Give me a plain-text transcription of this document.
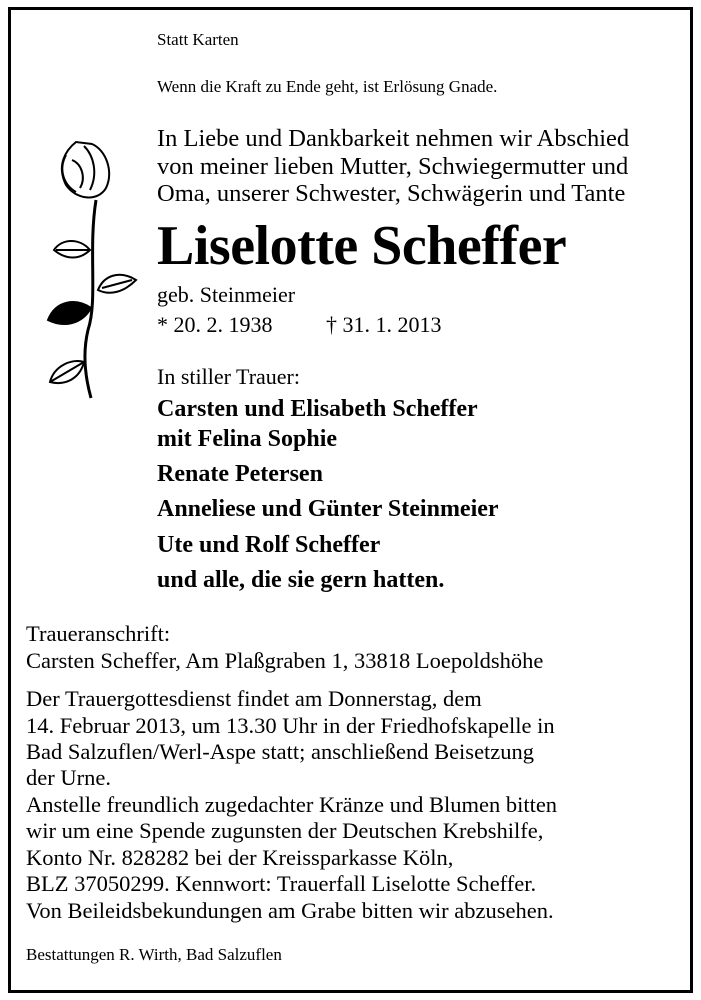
Statt Karten
Wenn die Kraft zu Ende geht, ist Erlösung Gnade.
In Liebe und Dankbarkeit nehmen wir Abschied
von meiner lieben Mutter, Schwiegermutter und
Oma, unserer Schwester, Schwägerin und Tante
Liselotte Scheffer
geb. Steinmeier
* 20. 2. 1938 † 31. 1. 2013
In stiller Trauer:
Carsten und Elisabeth Scheffer
mit Felina Sophie
Renate Petersen
Anneliese und Günter Steinmeier
Ute und Rolf Scheffer
und alle, die sie gern hatten.
Traueranschrift:
Carsten Scheffer, Am Plaßgraben 1, 33818 Loepoldshöhe
Der Trauergottesdienst findet am Donnerstag, dem
14. Februar 2013, um 13.30 Uhr in der Friedhofskapelle in
Bad Salzuflen/Werl-Aspe statt; anschließend Beisetzung
der Urne.
Anstelle freundlich zugedachter Kränze und Blumen bitten
wir um eine Spende zugunsten der Deutschen Krebshilfe,
Konto Nr. 828282 bei der Kreissparkasse Köln,
BLZ 37050299. Kennwort: Trauerfall Liselotte Scheffer.
Von Beileidsbekundungen am Grabe bitten wir abzusehen.
Bestattungen R. Wirth, Bad Salzuflen
